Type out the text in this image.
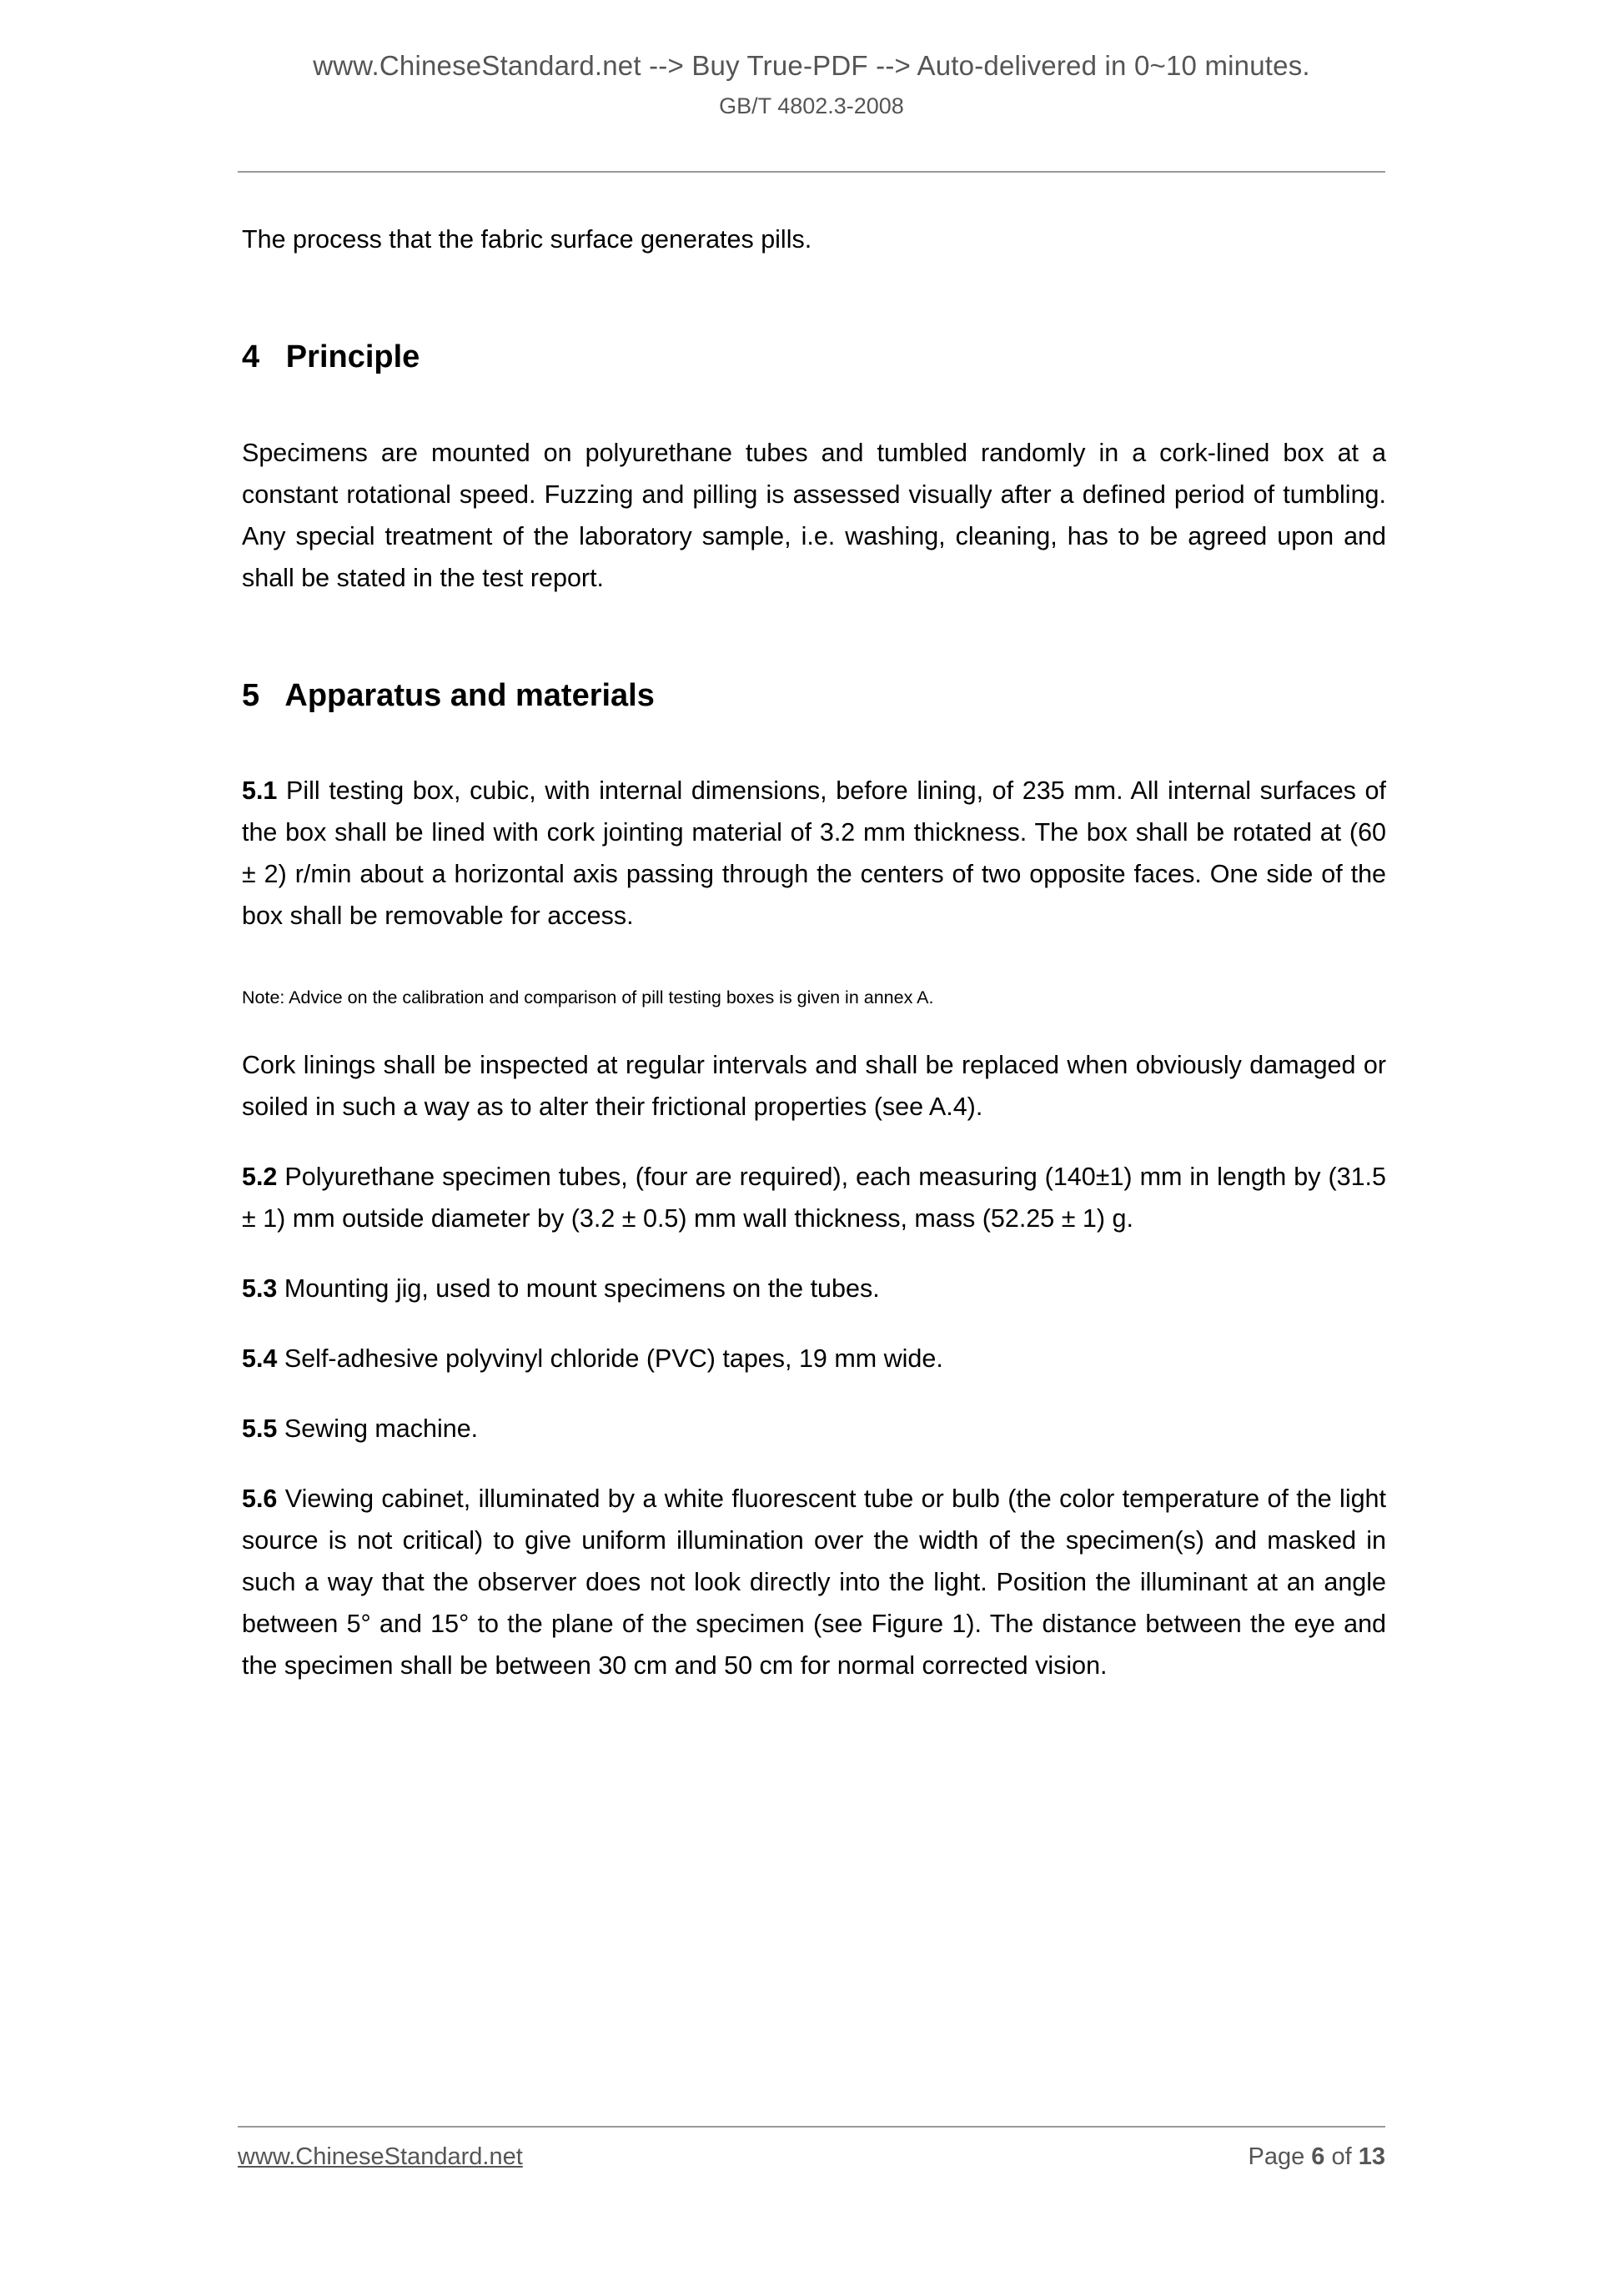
www.ChineseStandard.net --> Buy True-PDF --> Auto-delivered in 0~10 minutes.
GB/T 4802.3-2008

The process that the fabric surface generates pills.

4   Principle

Specimens are mounted on polyurethane tubes and tumbled randomly in a cork-lined box at a constant rotational speed. Fuzzing and pilling is assessed visually after a defined period of tumbling. Any special treatment of the laboratory sample, i.e. washing, cleaning, has to be agreed upon and shall be stated in the test report.

5   Apparatus and materials

5.1 Pill testing box, cubic, with internal dimensions, before lining, of 235 mm. All internal surfaces of the box shall be lined with cork jointing material of 3.2 mm thickness. The box shall be rotated at (60 ± 2) r/min about a horizontal axis passing through the centers of two opposite faces. One side of the box shall be removable for access.

Note: Advice on the calibration and comparison of pill testing boxes is given in annex A.

Cork linings shall be inspected at regular intervals and shall be replaced when obviously damaged or soiled in such a way as to alter their frictional properties (see A.4).

5.2 Polyurethane specimen tubes, (four are required), each measuring (140±1) mm in length by (31.5 ± 1) mm outside diameter by (3.2 ± 0.5) mm wall thickness, mass (52.25 ± 1) g.

5.3 Mounting jig, used to mount specimens on the tubes.

5.4 Self-adhesive polyvinyl chloride (PVC) tapes, 19 mm wide.

5.5 Sewing machine.

5.6 Viewing cabinet, illuminated by a white fluorescent tube or bulb (the color temperature of the light source is not critical) to give uniform illumination over the width of the specimen(s) and masked in such a way that the observer does not look directly into the light. Position the illuminant at an angle between 5° and 15° to the plane of the specimen (see Figure 1). The distance between the eye and the specimen shall be between 30 cm and 50 cm for normal corrected vision.

www.ChineseStandard.net	Page 6 of 13
